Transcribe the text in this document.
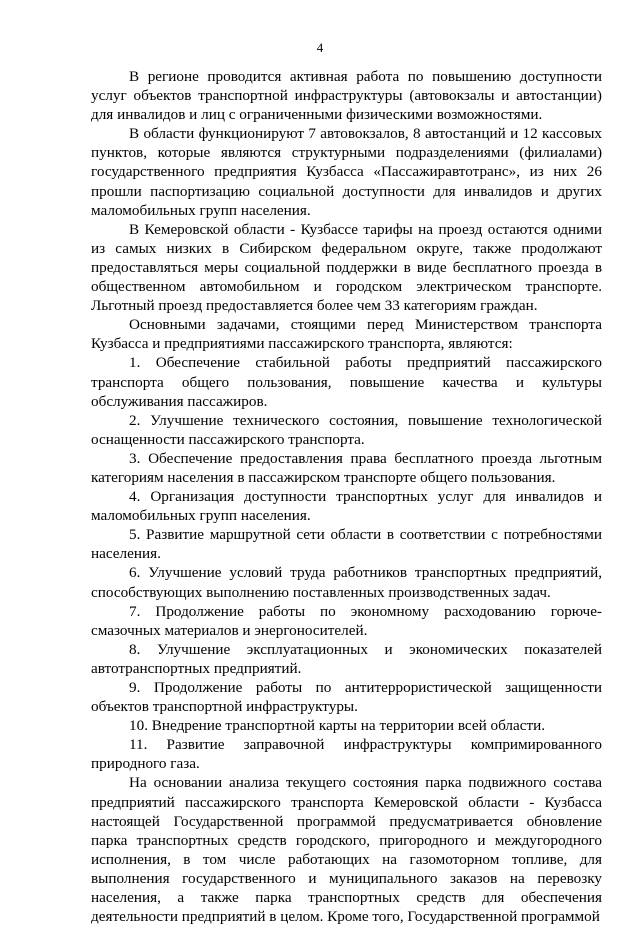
4

В регионе проводится активная работа по повышению доступности услуг объектов транспортной инфраструктуры (автовокзалы и автостанции) для инвалидов и лиц с ограниченными физическими возможностями.

В области функционируют 7 автовокзалов, 8 автостанций и 12 кассовых пунктов, которые являются структурными подразделениями (филиалами) государственного предприятия Кузбасса «Пассажиравтотранс», из них 26 прошли паспортизацию социальной доступности для инвалидов и других маломобильных групп населения.

В Кемеровской области - Кузбассе тарифы на проезд остаются одними из самых низких в Сибирском федеральном округе, также продолжают предоставляться меры социальной поддержки в виде бесплатного проезда в общественном автомобильном и городском электрическом транспорте. Льготный проезд предоставляется более чем 33 категориям граждан.

Основными задачами, стоящими перед Министерством транспорта Кузбасса и предприятиями пассажирского транспорта, являются:

1. Обеспечение стабильной работы предприятий пассажирского транспорта общего пользования, повышение качества и культуры обслуживания пассажиров.

2. Улучшение технического состояния, повышение технологической оснащенности пассажирского транспорта.

3. Обеспечение предоставления права бесплатного проезда льготным категориям населения в пассажирском транспорте общего пользования.

4. Организация доступности транспортных услуг для инвалидов и маломобильных групп населения.

5. Развитие маршрутной сети области в соответствии с потребностями населения.

6. Улучшение условий труда работников транспортных предприятий, способствующих выполнению поставленных производственных задач.

7. Продолжение работы по экономному расходованию горюче-смазочных материалов и энергоносителей.

8. Улучшение эксплуатационных и экономических показателей автотранспортных предприятий.

9. Продолжение работы по антитеррористической защищенности объектов транспортной инфраструктуры.

10. Внедрение транспортной карты на территории всей области.

11. Развитие заправочной инфраструктуры компримированного природного газа.

На основании анализа текущего состояния парка подвижного состава предприятий пассажирского транспорта Кемеровской области - Кузбасса настоящей Государственной программой предусматривается обновление парка транспортных средств городского, пригородного и междугородного исполнения, в том числе работающих на газомоторном топливе, для выполнения государственного и муниципального заказов на перевозку населения, а также парка транспортных средств для обеспечения деятельности предприятий в целом. Кроме того, Государственной программой
